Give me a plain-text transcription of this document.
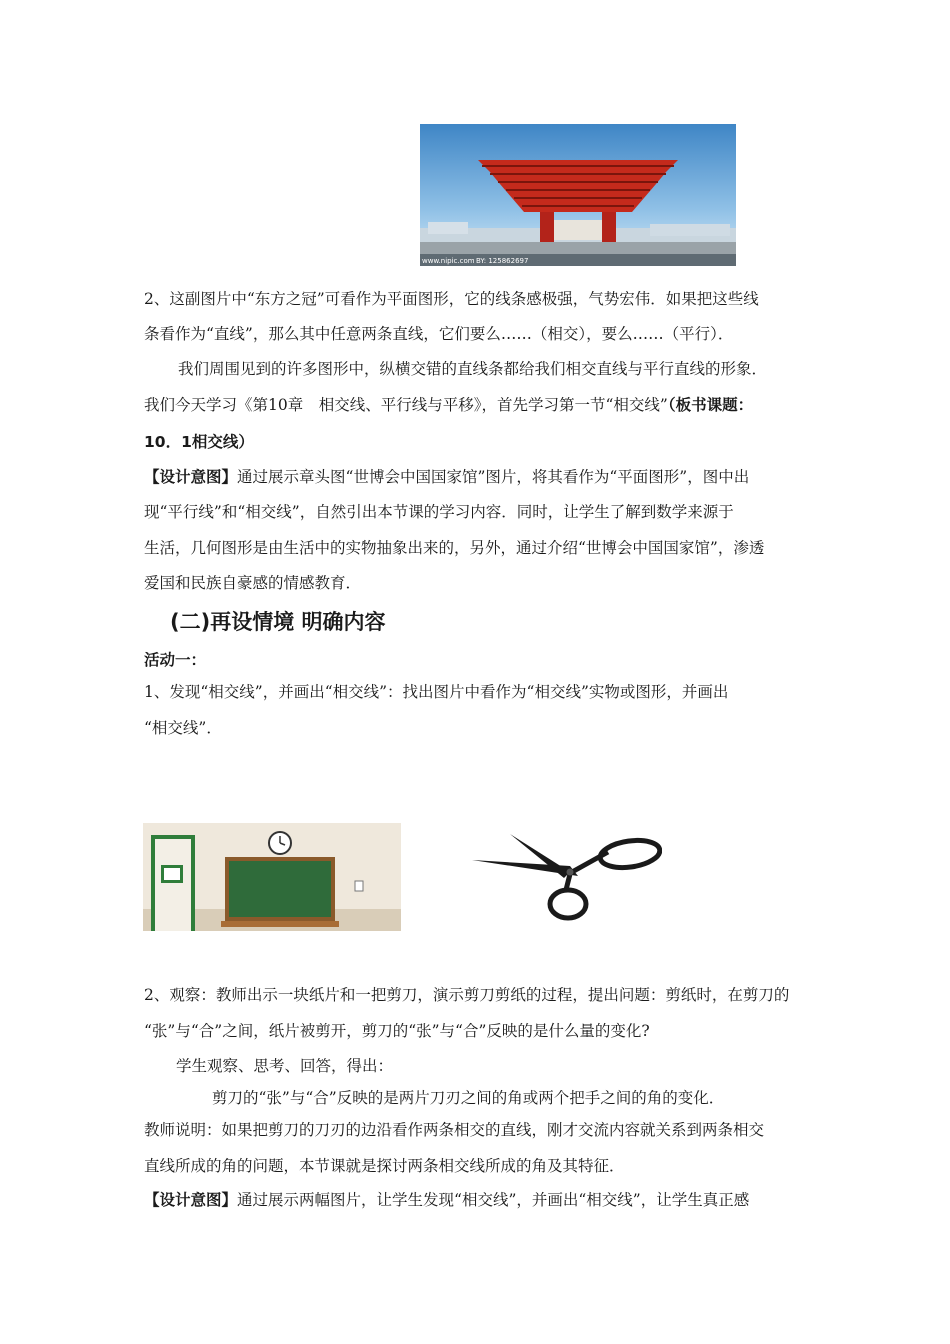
www.nipic.com BY: 125862697
2、这副图片中“东方之冠”可看作为平面图形，它的线条感极强，气势宏伟．如果把这些线
条看作为“直线”，那么其中任意两条直线，它们要么……（相交），要么……（平行）．
我们周围见到的许多图形中，纵横交错的直线条都给我们相交直线与平行直线的形象．
我们今天学习《第10章　相交线、平行线与平移》，首先学习第一节“相交线”（板书课题：
10．1相交线）
【设计意图】通过展示章头图“世博会中国国家馆”图片，将其看作为“平面图形”，图中出
现“平行线”和“相交线”，自然引出本节课的学习内容．同时，让学生了解到数学来源于
生活，几何图形是由生活中的实物抽象出来的，另外，通过介绍“世博会中国国家馆”，渗透
爱国和民族自豪感的情感教育．
(二)再设情境 明确内容
活动一：
1、发现“相交线”，并画出“相交线”：找出图片中看作为“相交线”实物或图形，并画出
“相交线”．
2、观察：教师出示一块纸片和一把剪刀，演示剪刀剪纸的过程，提出问题：剪纸时，在剪刀的
“张”与“合”之间，纸片被剪开，剪刀的“张”与“合”反映的是什么量的变化?
学生观察、思考、回答，得出：
剪刀的“张”与“合”反映的是两片刀刃之间的角或两个把手之间的角的变化．
教师说明：如果把剪刀的刀刃的边沿看作两条相交的直线，刚才交流内容就关系到两条相交
直线所成的角的问题，本节课就是探讨两条相交线所成的角及其特征．
【设计意图】通过展示两幅图片，让学生发现“相交线”，并画出“相交线”，让学生真正感
